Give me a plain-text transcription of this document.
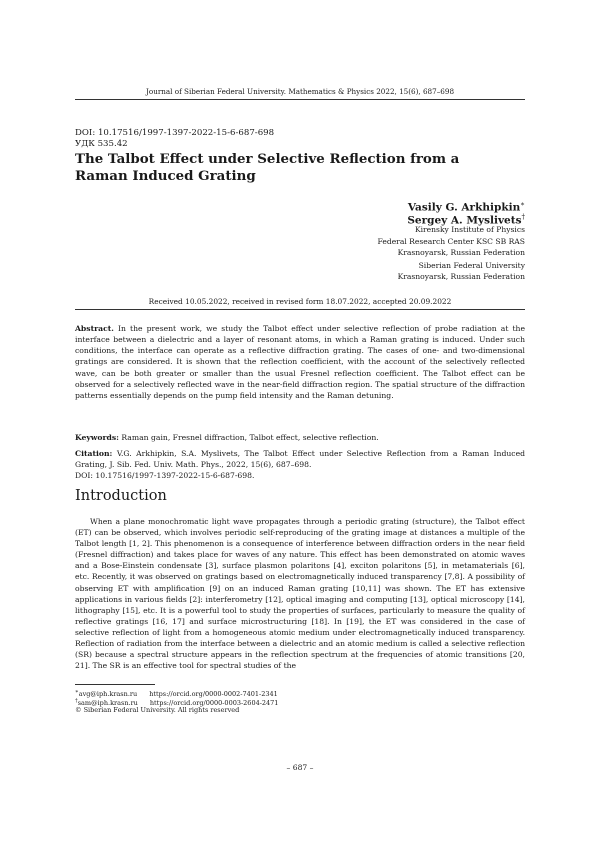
Journal of Siberian Federal University. Mathematics & Physics 2022, 15(6), 687–698
DOI: 10.17516/1997-1397-2022-15-6-687-698
УДК 535.42
The Talbot Effect under Selective Reflection from a Raman Induced Grating
Vasily G. Arkhipkin∗
Sergey A. Myslivets†
Kirensky Institute of Physics
Federal Research Center KSC SB RAS
Krasnoyarsk, Russian Federation
Siberian Federal University
Krasnoyarsk, Russian Federation
Received 10.05.2022, received in revised form 18.07.2022, accepted 20.09.2022
Abstract. In the present work, we study the Talbot effect under selective reflection of probe radiation at the interface between a dielectric and a layer of resonant atoms, in which a Raman grating is induced. Under such conditions, the interface can operate as a reflective diffraction grating. The cases of one- and two-dimensional gratings are considered. It is shown that the reflection coefficient, with the account of the selectively reflected wave, can be both greater or smaller than the usual Fresnel reflection coefficient. The Talbot effect can be observed for a selectively reflected wave in the near-field diffraction region. The spatial structure of the diffraction patterns essentially depends on the pump field intensity and the Raman detuning.
Keywords: Raman gain, Fresnel diffraction, Talbot effect, selective reflection.
Citation: V.G. Arkhipkin, S.A. Myslivets, The Talbot Effect under Selective Reflection from a Raman Induced Grating, J. Sib. Fed. Univ. Math. Phys., 2022, 15(6), 687–698.
DOI: 10.17516/1997-1397-2022-15-6-687-698.
Introduction
When a plane monochromatic light wave propagates through a periodic grating (structure), the Talbot effect (ET) can be observed, which involves periodic self-reproducing of the grating image at distances a multiple of the Talbot length [1, 2]. This phenomenon is a consequence of interference between diffraction orders in the near field (Fresnel diffraction) and takes place for waves of any nature. This effect has been demonstrated on atomic waves and a Bose-Einstein condensate [3], surface plasmon polaritons [4], exciton polaritons [5], in metamaterials [6], etc. Recently, it was observed on gratings based on electromagnetically induced transparency [7,8]. A possibility of observing ET with amplification [9] on an induced Raman grating [10,11] was shown. The ET has extensive applications in various fields [2]: interferometry [12], optical imaging and computing [13], optical microscopy [14], lithography [15], etc. It is a powerful tool to study the properties of surfaces, particularly to measure the quality of reflective gratings [16, 17] and surface microstructuring [18]. In [19], the ET was considered in the case of selective reflection of light from a homogeneous atomic medium under electromagnetically induced transparency. Reflection of radiation from the interface between a dielectric and an atomic medium is called a selective reflection (SR) because a spectral structure appears in the reflection spectrum at the frequencies of atomic transitions [20, 21]. The SR is an effective tool for spectral studies of the
∗avg@iph.krasn.ru https://orcid.org/0000-0002-7401-2341
†sam@iph.krasn.ru https://orcid.org/0000-0003-2604-2471
© Siberian Federal University. All rights reserved
– 687 –
